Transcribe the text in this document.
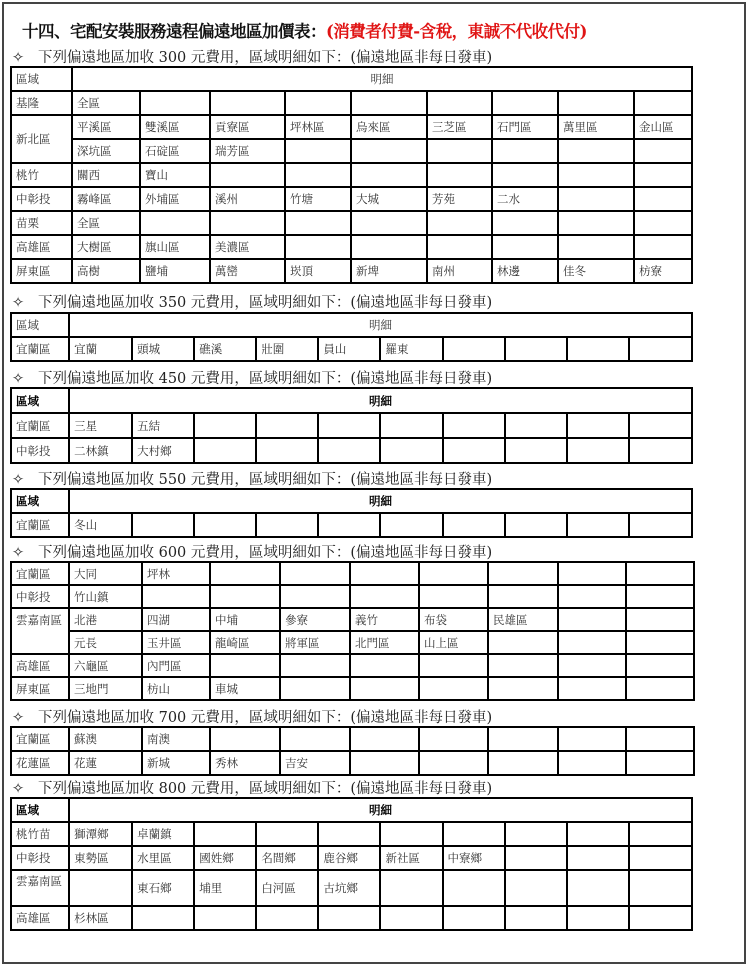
十四、宅配安裝服務遠程偏遠地區加價表：(消費者付費-含稅，東誠不代收代付)
✧ 下列偏遠地區加收 300 元費用，區域明細如下：(偏遠地區非每日發車)
區域	明細								
基隆	全區								
新北區	平溪區	雙溪區	貢寮區	坪林區	烏來區	三芝區	石門區	萬里區	金山區
	深坑區	石碇區	瑞芳區						
桃竹	關西	寶山							
中彰投	霧峰區	外埔區	溪州	竹塘	大城	芳苑	二水		
苗栗	全區								
高雄區	大樹區	旗山區	美濃區						
屏東區	高樹	鹽埔	萬巒	崁頂	新埤	南州	林邊	佳冬	枋寮
✧ 下列偏遠地區加收 350 元費用，區域明細如下：(偏遠地區非每日發車)
區域	明細									
宜蘭區	宜蘭	頭城	礁溪	壯圍	員山	羅東				
✧ 下列偏遠地區加收 450 元費用，區域明細如下：(偏遠地區非每日發車)
區域	明細									
宜蘭區	三星	五結								
中彰投	二林鎮	大村鄉								
✧ 下列偏遠地區加收 550 元費用，區域明細如下：(偏遠地區非每日發車)
區域	明細									
宜蘭區	冬山									
✧ 下列偏遠地區加收 600 元費用，區域明細如下：(偏遠地區非每日發車)
宜蘭區	大同	坪林							
中彰投	竹山鎮								
雲嘉南區	北港	四湖	中埔	參寮	義竹	布袋	民雄區		
	元長	玉井區	龍崎區	將軍區	北門區	山上區			
高雄區	六龜區	內門區							
屏東區	三地門	枋山	車城						
✧ 下列偏遠地區加收 700 元費用，區域明細如下：(偏遠地區非每日發車)
宜蘭區	蘇澳	南澳							
花蓮區	花蓮	新城	秀林	吉安					
✧ 下列偏遠地區加收 800 元費用，區域明細如下：(偏遠地區非每日發車)
區域	明細									
桃竹苗	獅潭鄉	卓蘭鎮								
中彰投	東勢區	水里區	國姓鄉	名間鄉	鹿谷鄉	新社區	中寮鄉			
雲嘉南區		東石鄉	埔里	白河區	古坑鄉					
高雄區	杉林區									
